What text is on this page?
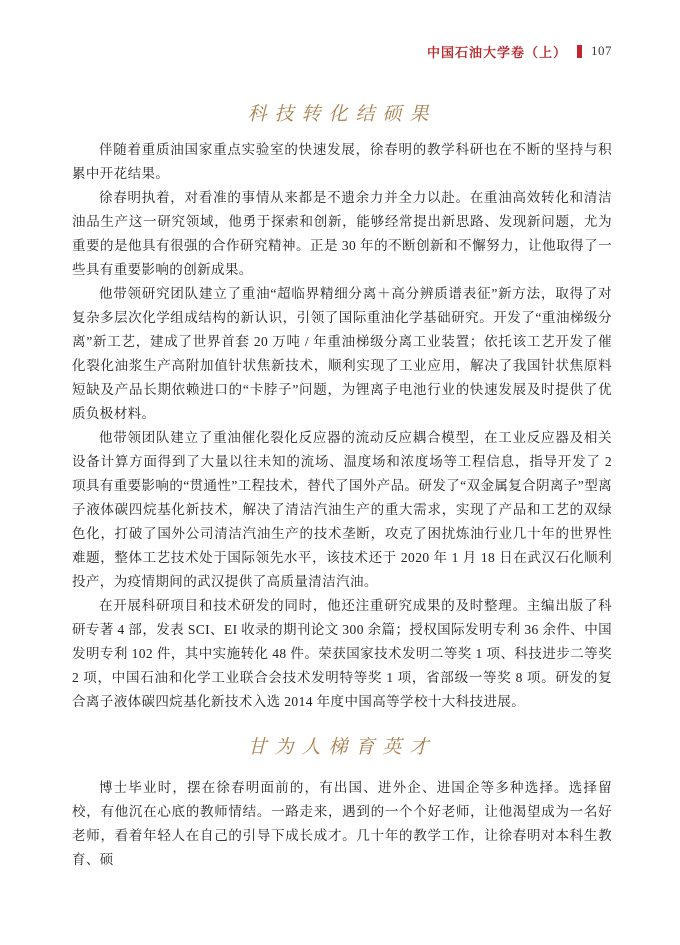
中国石油大学卷（上） 107
科技转化结硕果

伴随着重质油国家重点实验室的快速发展，徐春明的教学科研也在不断的坚持与积累中开花结果。

徐春明执着，对看准的事情从来都是不遗余力并全力以赴。在重油高效转化和清洁油品生产这一研究领域，他勇于探索和创新，能够经常提出新思路、发现新问题，尤为重要的是他具有很强的合作研究精神。正是 30 年的不断创新和不懈努力，让他取得了一些具有重要影响的创新成果。

他带领研究团队建立了重油“超临界精细分离＋高分辨质谱表征”新方法，取得了对复杂多层次化学组成结构的新认识，引领了国际重油化学基础研究。开发了“重油梯级分离”新工艺，建成了世界首套 20 万吨 / 年重油梯级分离工业装置；依托该工艺开发了催化裂化油浆生产高附加值针状焦新技术，顺利实现了工业应用，解决了我国针状焦原料短缺及产品长期依赖进口的“卡脖子”问题，为锂离子电池行业的快速发展及时提供了优质负极材料。

他带领团队建立了重油催化裂化反应器的流动反应耦合模型，在工业反应器及相关设备计算方面得到了大量以往未知的流场、温度场和浓度场等工程信息，指导开发了 2 项具有重要影响的“贯通性”工程技术，替代了国外产品。研发了“双金属复合阴离子”型离子液体碳四烷基化新技术，解决了清洁汽油生产的重大需求，实现了产品和工艺的双绿色化，打破了国外公司清洁汽油生产的技术垄断，攻克了困扰炼油行业几十年的世界性难题，整体工艺技术处于国际领先水平，该技术还于 2020 年 1 月 18 日在武汉石化顺利投产，为疫情期间的武汉提供了高质量清洁汽油。

在开展科研项目和技术研发的同时，他还注重研究成果的及时整理。主编出版了科研专著 4 部，发表 SCI、EI 收录的期刊论文 300 余篇；授权国际发明专利 36 余件、中国发明专利 102 件，其中实施转化 48 件。荣获国家技术发明二等奖 1 项、科技进步二等奖 2 项，中国石油和化学工业联合会技术发明特等奖 1 项，省部级一等奖 8 项。研发的复合离子液体碳四烷基化新技术入选 2014 年度中国高等学校十大科技进展。

甘为人梯育英才

博士毕业时，摆在徐春明面前的，有出国、进外企、进国企等多种选择。选择留校，有他沉在心底的教师情结。一路走来，遇到的一个个好老师，让他渴望成为一名好老师，看着年轻人在自己的引导下成长成才。几十年的教学工作，让徐春明对本科生教育、硕
